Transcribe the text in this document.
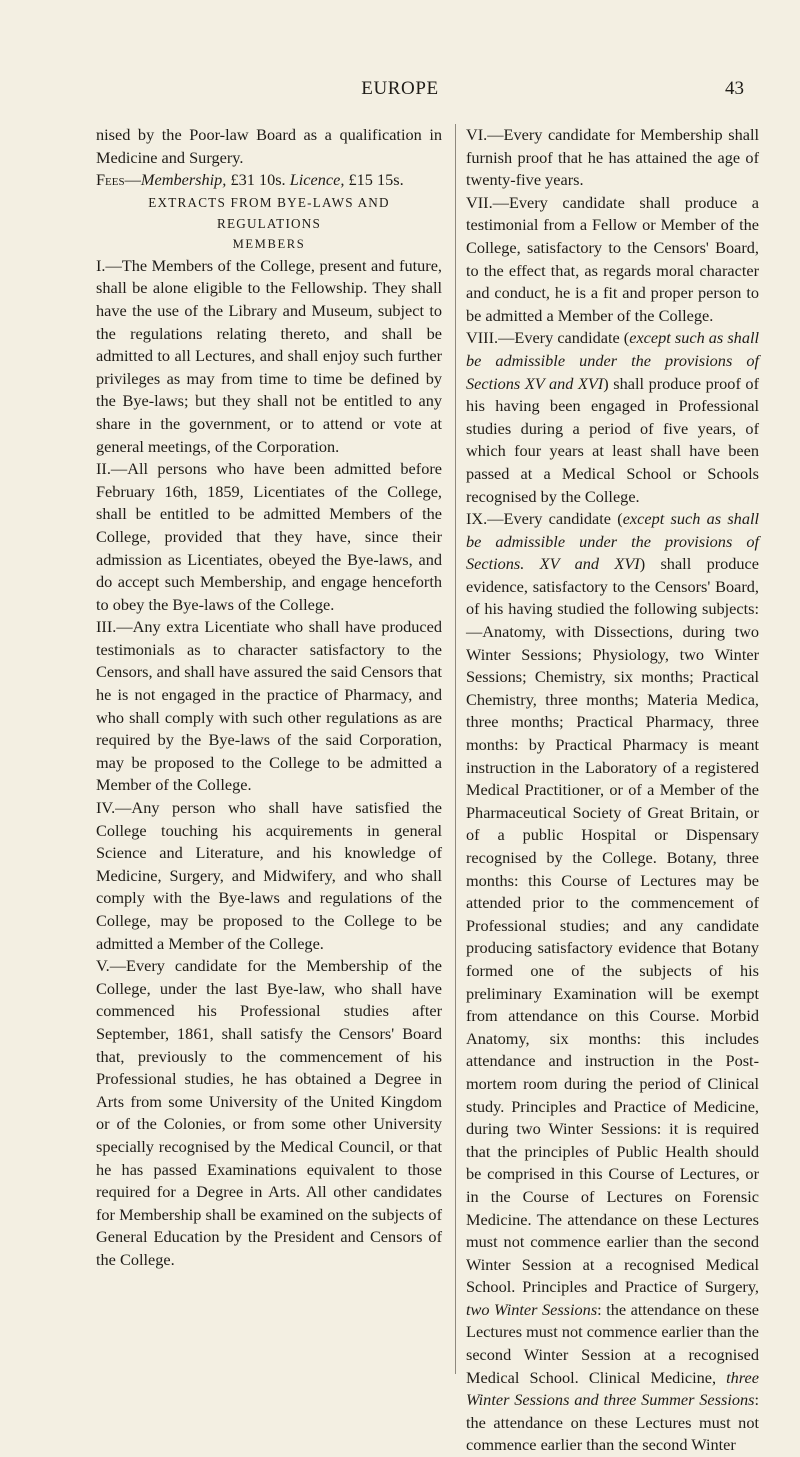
EUROPE	43

nised by the Poor-law Board as a qualification in Medicine and Surgery.

Fees—Membership, £31 10s. Licence, £15 15s.

EXTRACTS FROM BYE-LAWS AND REGULATIONS

MEMBERS

I.—The Members of the College, present and future, shall be alone eligible to the Fellowship. They shall have the use of the Library and Museum, subject to the regulations relating thereto, and shall be admitted to all Lectures, and shall enjoy such further privileges as may from time to time be defined by the Bye-laws; but they shall not be entitled to any share in the government, or to attend or vote at general meetings, of the Corporation.

II.—All persons who have been admitted before February 16th, 1859, Licentiates of the College, shall be entitled to be admitted Members of the College, provided that they have, since their admission as Licentiates, obeyed the Bye-laws, and do accept such Membership, and engage henceforth to obey the Bye-laws of the College.

III.—Any extra Licentiate who shall have produced testimonials as to character satisfactory to the Censors, and shall have assured the said Censors that he is not engaged in the practice of Pharmacy, and who shall comply with such other regulations as are required by the Bye-laws of the said Corporation, may be proposed to the College to be admitted a Member of the College.

IV.—Any person who shall have satisfied the College touching his acquirements in general Science and Literature, and his knowledge of Medicine, Surgery, and Midwifery, and who shall comply with the Bye-laws and regulations of the College, may be proposed to the College to be admitted a Member of the College.

V.—Every candidate for the Membership of the College, under the last Bye-law, who shall have commenced his Professional studies after September, 1861, shall satisfy the Censors' Board that, previously to the commencement of his Professional studies, he has obtained a Degree in Arts from some University of the United Kingdom or of the Colonies, or from some other University specially recognised by the Medical Council, or that he has passed Examinations equivalent to those required for a Degree in Arts. All other candidates for Membership shall be examined on the subjects of General Education by the President and Censors of the College.

VI.—Every candidate for Membership shall furnish proof that he has attained the age of twenty-five years.

VII.—Every candidate shall produce a testimonial from a Fellow or Member of the College, satisfactory to the Censors' Board, to the effect that, as regards moral character and conduct, he is a fit and proper person to be admitted a Member of the College.

VIII.—Every candidate (except such as shall be admissible under the provisions of Sections XV and XVI) shall produce proof of his having been engaged in Professional studies during a period of five years, of which four years at least shall have been passed at a Medical School or Schools recognised by the College.

IX.—Every candidate (except such as shall be admissible under the provisions of Sections. XV and XVI) shall produce evidence, satisfactory to the Censors' Board, of his having studied the following subjects:—Anatomy, with Dissections, during two Winter Sessions; Physiology, two Winter Sessions; Chemistry, six months; Practical Chemistry, three months; Materia Medica, three months; Practical Pharmacy, three months: by Practical Pharmacy is meant instruction in the Laboratory of a registered Medical Practitioner, or of a Member of the Pharmaceutical Society of Great Britain, or of a public Hospital or Dispensary recognised by the College. Botany, three months: this Course of Lectures may be attended prior to the commencement of Professional studies; and any candidate producing satisfactory evidence that Botany formed one of the subjects of his preliminary Examination will be exempt from attendance on this Course. Morbid Anatomy, six months: this includes attendance and instruction in the Post-mortem room during the period of Clinical study. Principles and Practice of Medicine, during two Winter Sessions: it is required that the principles of Public Health should be comprised in this Course of Lectures, or in the Course of Lectures on Forensic Medicine. The attendance on these Lectures must not commence earlier than the second Winter Session at a recognised Medical School. Principles and Practice of Surgery, two Winter Sessions: the attendance on these Lectures must not commence earlier than the second Winter Session at a recognised Medical School. Clinical Medicine, three Winter Sessions and three Summer Sessions: the attendance on these Lectures must not commence earlier than the second Winter
